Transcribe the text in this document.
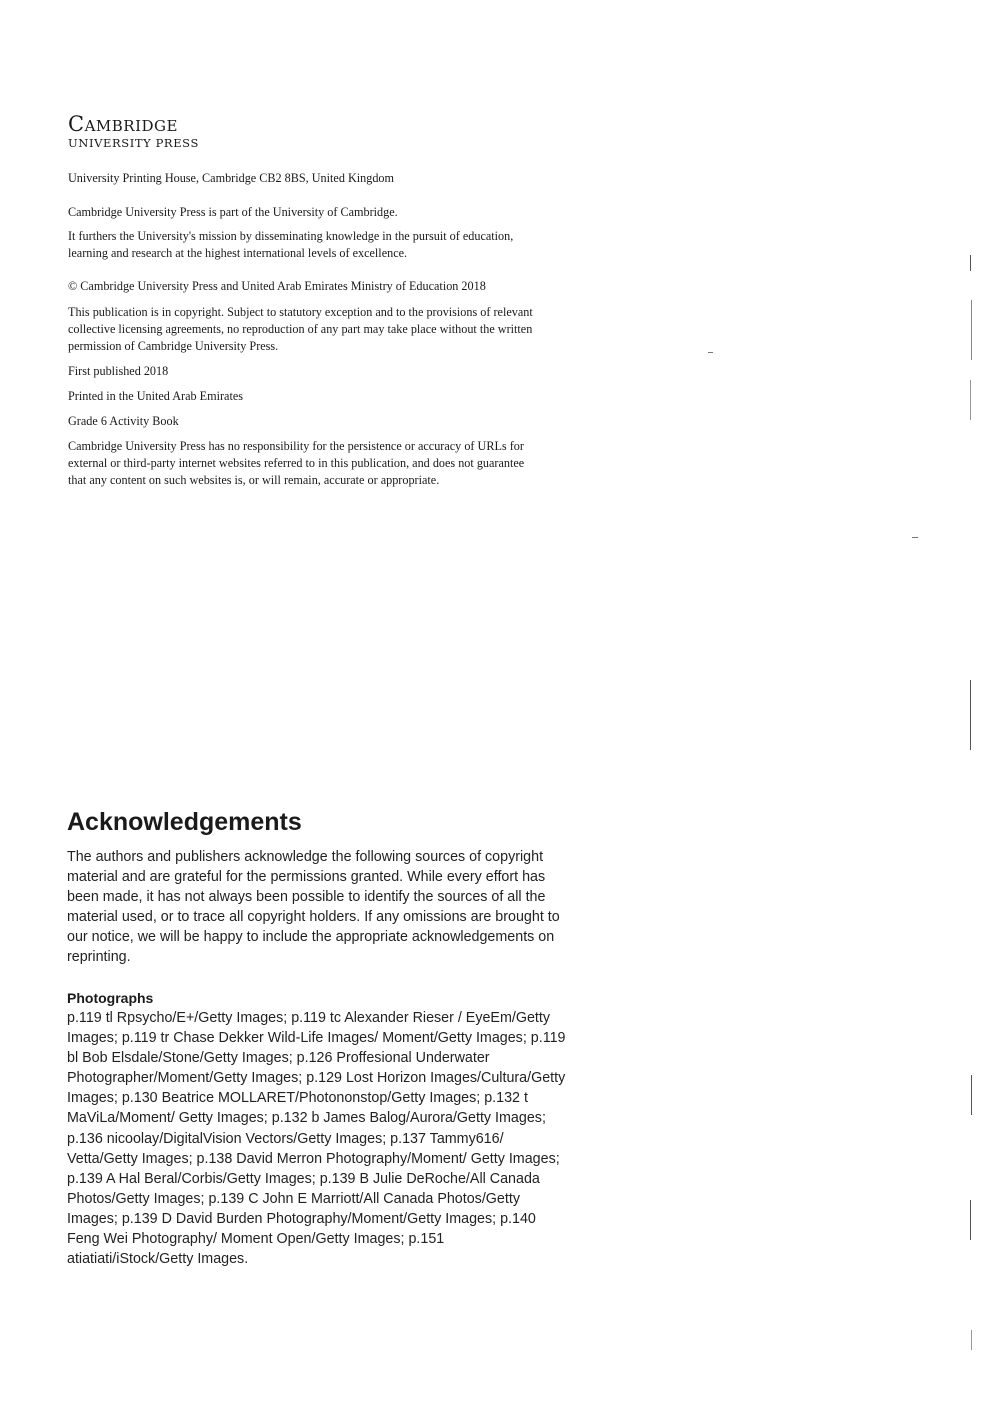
Cambridge
UNIVERSITY PRESS
University Printing House, Cambridge CB2 8BS, United Kingdom
Cambridge University Press is part of the University of Cambridge.
It furthers the University's mission by disseminating knowledge in the pursuit of education, learning and research at the highest international levels of excellence.
© Cambridge University Press and United Arab Emirates Ministry of Education 2018
This publication is in copyright. Subject to statutory exception and to the provisions of relevant collective licensing agreements, no reproduction of any part may take place without the written permission of Cambridge University Press.
First published 2018
Printed in the United Arab Emirates
Grade 6 Activity Book
Cambridge University Press has no responsibility for the persistence or accuracy of URLs for external or third-party internet websites referred to in this publication, and does not guarantee that any content on such websites is, or will remain, accurate or appropriate.
Acknowledgements
The authors and publishers acknowledge the following sources of copyright material and are grateful for the permissions granted. While every effort has been made, it has not always been possible to identify the sources of all the material used, or to trace all copyright holders. If any omissions are brought to our notice, we will be happy to include the appropriate acknowledgements on reprinting.
Photographs
p.119 tl Rpsycho/E+/Getty Images; p.119 tc Alexander Rieser / EyeEm/Getty Images; p.119 tr Chase Dekker Wild-Life Images/ Moment/Getty Images; p.119 bl Bob Elsdale/Stone/Getty Images; p.126 Proffesional Underwater Photographer/Moment/Getty Images; p.129 Lost Horizon Images/Cultura/Getty Images; p.130 Beatrice MOLLARET/Photononstop/Getty Images; p.132 t MaViLa/Moment/ Getty Images; p.132 b James Balog/Aurora/Getty Images; p.136 nicoolay/DigitalVision Vectors/Getty Images; p.137 Tammy616/ Vetta/Getty Images; p.138 David Merron Photography/Moment/ Getty Images; p.139 A Hal Beral/Corbis/Getty Images; p.139 B Julie DeRoche/All Canada Photos/Getty Images; p.139 C John E Marriott/All Canada Photos/Getty Images; p.139 D David Burden Photography/Moment/Getty Images; p.140 Feng Wei Photography/ Moment Open/Getty Images; p.151 atiatiati/iStock/Getty Images.
